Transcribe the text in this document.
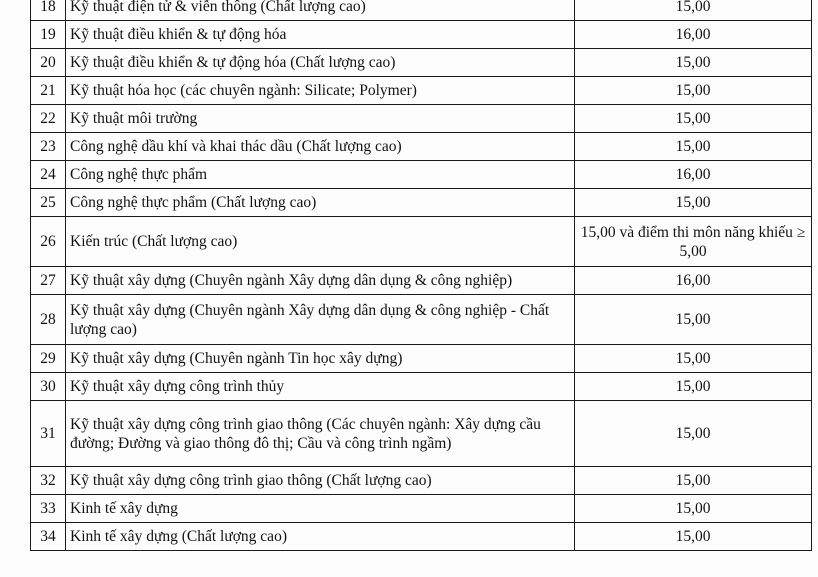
18	Kỹ thuật điện tử & viễn thông (Chất lượng cao)	15,00
19	Kỹ thuật điều khiển & tự động hóa	16,00
20	Kỹ thuật điều khiển & tự động hóa (Chất lượng cao)	15,00
21	Kỹ thuật hóa học (các chuyên ngành: Silicate; Polymer)	15,00
22	Kỹ thuật môi trường	15,00
23	Công nghệ dầu khí và khai thác dầu (Chất lượng cao)	15,00
24	Công nghệ thực phẩm	16,00
25	Công nghệ thực phẩm (Chất lượng cao)	15,00
26	Kiến trúc (Chất lượng cao)	15,00 và điểm thi môn năng khiếu ≥ 5,00
27	Kỹ thuật xây dựng (Chuyên ngành Xây dựng dân dụng & công nghiệp)	16,00
28	Kỹ thuật xây dựng (Chuyên ngành Xây dựng dân dụng & công nghiệp - Chất lượng cao)	15,00
29	Kỹ thuật xây dựng (Chuyên ngành Tin học xây dựng)	15,00
30	Kỹ thuật xây dựng công trình thủy	15,00
31	Kỹ thuật xây dựng công trình giao thông (Các chuyên ngành: Xây dựng cầu đường; Đường và giao thông đô thị; Cầu và công trình ngầm)	15,00
32	Kỹ thuật xây dựng công trình giao thông (Chất lượng cao)	15,00
33	Kinh tế xây dựng	15,00
34	Kinh tế xây dựng (Chất lượng cao)	15,00
